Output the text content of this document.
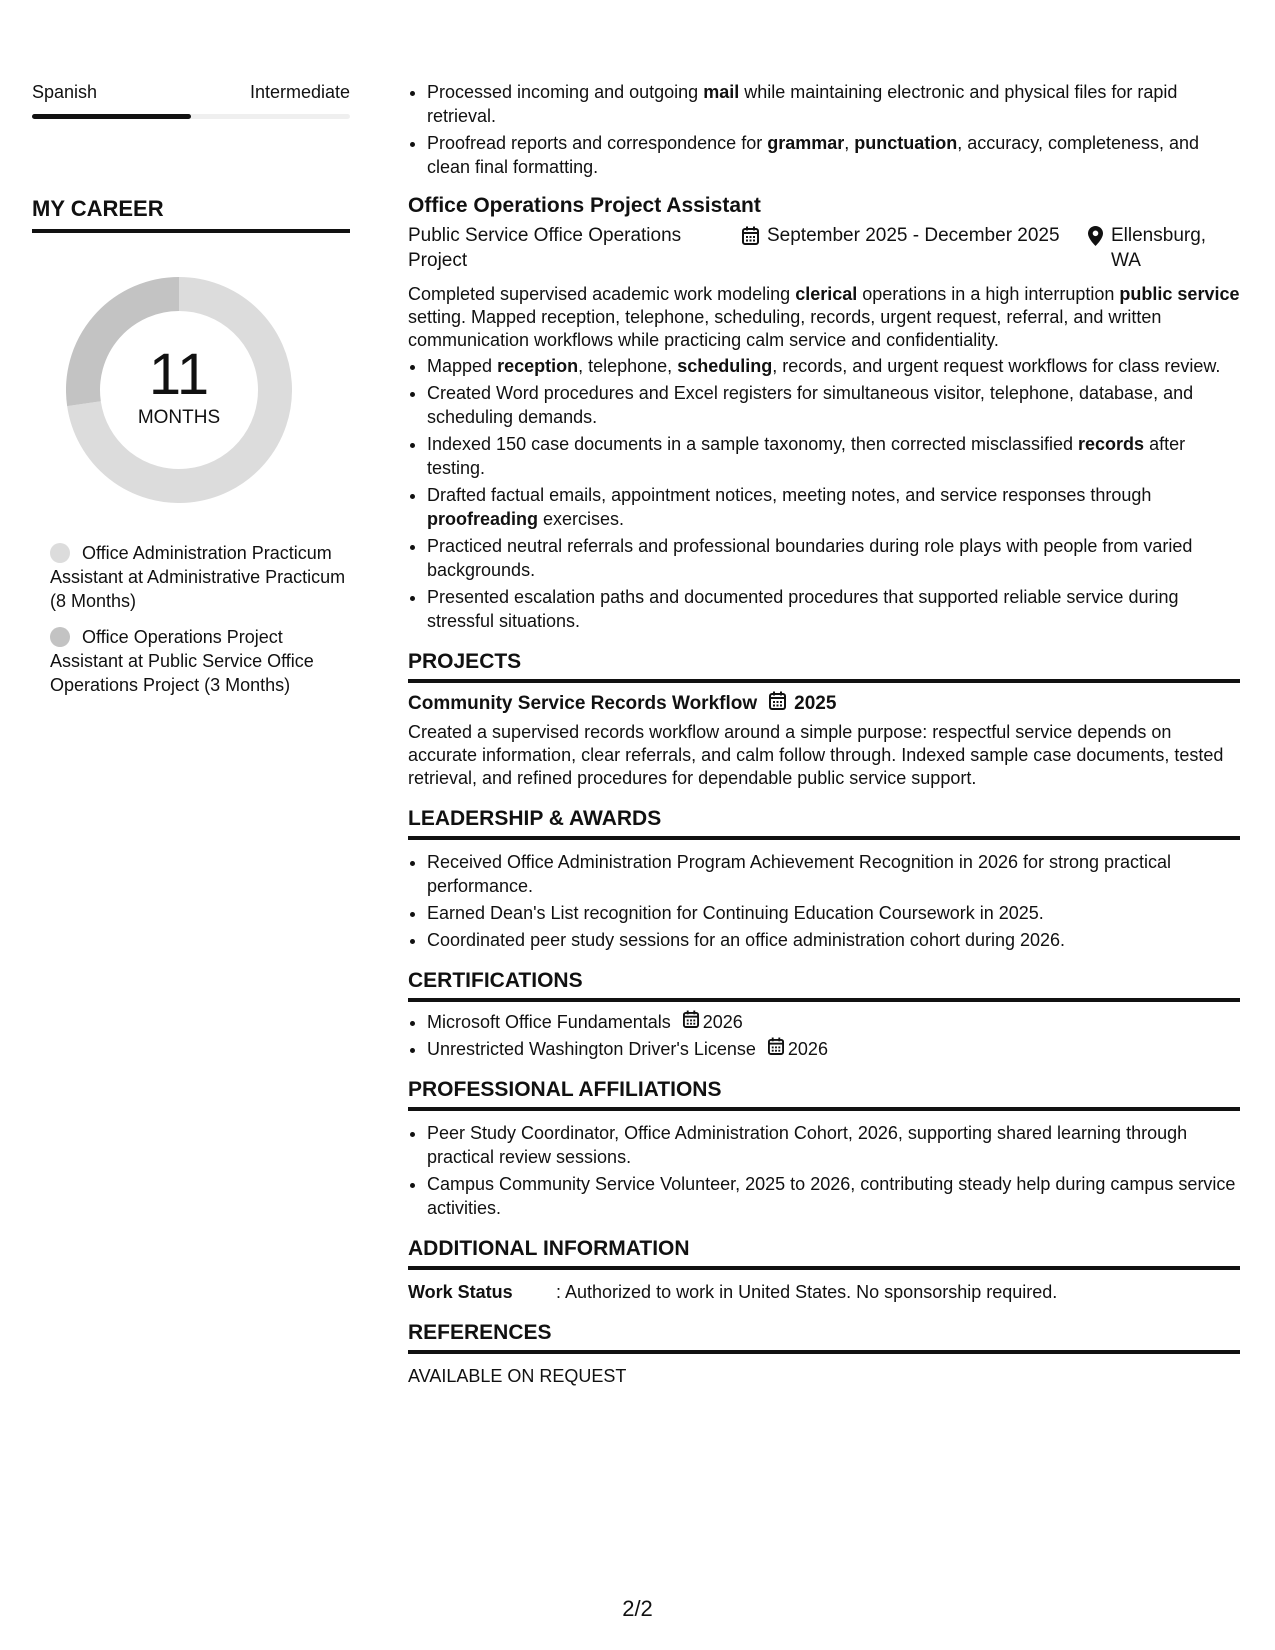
Spanish	Intermediate
MY CAREER
11
MONTHS
Office Administration Practicum Assistant at Administrative Practicum (8 Months)
Office Operations Project Assistant at Public Service Office Operations Project (3 Months)
• Processed incoming and outgoing mail while maintaining electronic and physical files for rapid retrieval.
• Proofread reports and correspondence for grammar, punctuation, accuracy, completeness, and clean final formatting.
Office Operations Project Assistant
Public Service Office Operations Project
September 2025 - December 2025	Ellensburg, WA
Completed supervised academic work modeling clerical operations in a high interruption public service setting. Mapped reception, telephone, scheduling, records, urgent request, referral, and written communication workflows while practicing calm service and confidentiality.
• Mapped reception, telephone, scheduling, records, and urgent request workflows for class review.
• Created Word procedures and Excel registers for simultaneous visitor, telephone, database, and scheduling demands.
• Indexed 150 case documents in a sample taxonomy, then corrected misclassified records after testing.
• Drafted factual emails, appointment notices, meeting notes, and service responses through proofreading exercises.
• Practiced neutral referrals and professional boundaries during role plays with people from varied backgrounds.
• Presented escalation paths and documented procedures that supported reliable service during stressful situations.
PROJECTS
Community Service Records Workflow 2025
Created a supervised records workflow around a simple purpose: respectful service depends on accurate information, clear referrals, and calm follow through. Indexed sample case documents, tested retrieval, and refined procedures for dependable public service support.
LEADERSHIP & AWARDS
• Received Office Administration Program Achievement Recognition in 2026 for strong practical performance.
• Earned Dean's List recognition for Continuing Education Coursework in 2025.
• Coordinated peer study sessions for an office administration cohort during 2026.
CERTIFICATIONS
• Microsoft Office Fundamentals 2026
• Unrestricted Washington Driver's License 2026
PROFESSIONAL AFFILIATIONS
• Peer Study Coordinator, Office Administration Cohort, 2026, supporting shared learning through practical review sessions.
• Campus Community Service Volunteer, 2025 to 2026, contributing steady help during campus service activities.
ADDITIONAL INFORMATION
Work Status	: Authorized to work in United States. No sponsorship required.
REFERENCES
AVAILABLE ON REQUEST
2/2
